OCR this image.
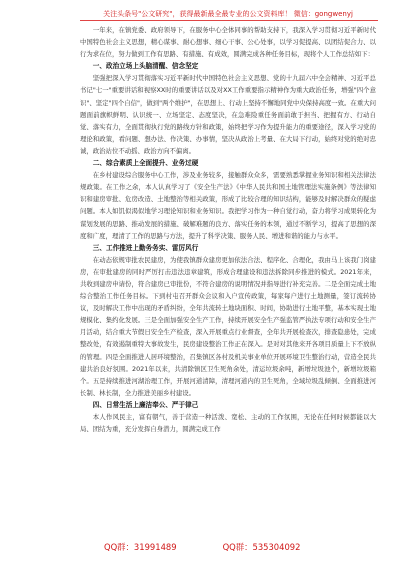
关注头条号"公文研究"，获得最新最全最专业的公文资料库！ 微信：gongwenyj

一年来，在镇党委、政府领导下，在服务中心全体同事的帮助支持下，我深入学习贯彻习近平新时代中国特色社会主义思想，精心谋事、耐心想事、细心干事、公心处事，以学习促提高、以团结促合力、以行为求在位，努力做到工作有思路、有措施、有成效，圆满完成各种任务目标，现将个人工作总结如下：

一、政治立场上头脑清醒、信念坚定

坚强把深入学习贯彻落实习近平新时代中国特色社会主义思想、党的十九届六中全会精神、习近平总书记"七一"重要讲话和视察XX时的重要讲话以及对XX工作重要指示精神作为重大政治任务，增强"四个意识"、坚定"四个自信"，做到"两个维护"，在思想上、行动上坚持不懈地同党中央保持高度一致。在重大问题面前旗帜鲜明、认识统一、立场坚定、态度坚决，在急难险重任务面前敢于担当、把握有方、行动自觉、落实有力，全面贯彻执行党的路线方针和政策，始终把学习作为提升能力的重要途径，深入学习党的理论和政策，看问题、想办法、作决策、办事情，坚决从政治上考量、在大局下行动，始终对党的绝对忠诚，政治站位不动摇、政治方向不偏离。

二、综合素质上全面提升、业务过硬

在乡村建设综合服务中心工作，涉及业务较多，接触群众众多，需要熟悉掌握业务知识和相关法律法规政策。在工作之余，本人认真学习了《安全生产法》《中华人民共和国土地管理法实施条例》等法律知识和建房审批、危房改造、土地整治等相关政策，形成了比较合理的知识结构，能够及时解决群众的疑虑问题。本人如饥似渴似地学习理论知识和业务知识。我把学习作为一种自觉行动，奋力将学习成果转化为谋划发展的思路、推动发展的措施、破解难题的良方、落实任务的本领，通过不断学习，提高了思想的深度和广度，理清了工作的思路与方法，提升了科学决策、服务人民、增进和谐的能力与水平。

三、工作推进上勤务务实、雷厉风行

在动态依规审批农民建房，为使我镇群众建房更加依法合法、程序化、合理化，我由马上该我门岗建房，在审批建房的同时严厉打击违法违章建筑，形成合理建设和违法拆除同步推进的模式。2021年来，共收到建房申请份，符合建房已审批份，不符合建房的说明情况并指导进行补充完善。二是全面完成土地综合整治工作任务目标。下到村屯召开群众会议和入户宣传政策，每家每户进行土地测量，签订流转协议，及时解决工作中出现的矛盾纠纷，全年共流转土地块面积、时间，协助进行土地平整，基本实现土地规模化、集约化发展。三是全面加强安全生产工作，持续开展安全生产强监管严执法专项行动和安全生产月活动，结合重大节假日安全生产检查，深入开展重点行业督查，全年共开展检查次，排查隐患处，完成整改处，有效遏制重特大事故发生，民房建设整治工作正在深入。是对对其他来开各项目质量上下不放纵的管理。四是全面推进人居环境整治，召集镇区各村及机关事业单位开展环境卫生整治行动，营造全民共建共治良好氛围。2021年以来，共清除镇区卫生死角余处，清运垃圾余吨，新增垃圾池个，新增垃圾箱个。五是持续推进河湖治理工作，开展河道清障，清理河道内的卫生死角，全域垃圾乱倾倒、全面推进河长制、林长制，全力推进美丽乡村建设。

四、日常生活上廉洁奉公、严于律己

本人作风民主，富有朝气，善于营造一种活泼、宽松、主动的工作氛围，无论在任何时候都能以大局、团结为重，充分发挥自身潜力，圆满完成工作

QQ群：31991489	QQ群：535304092
